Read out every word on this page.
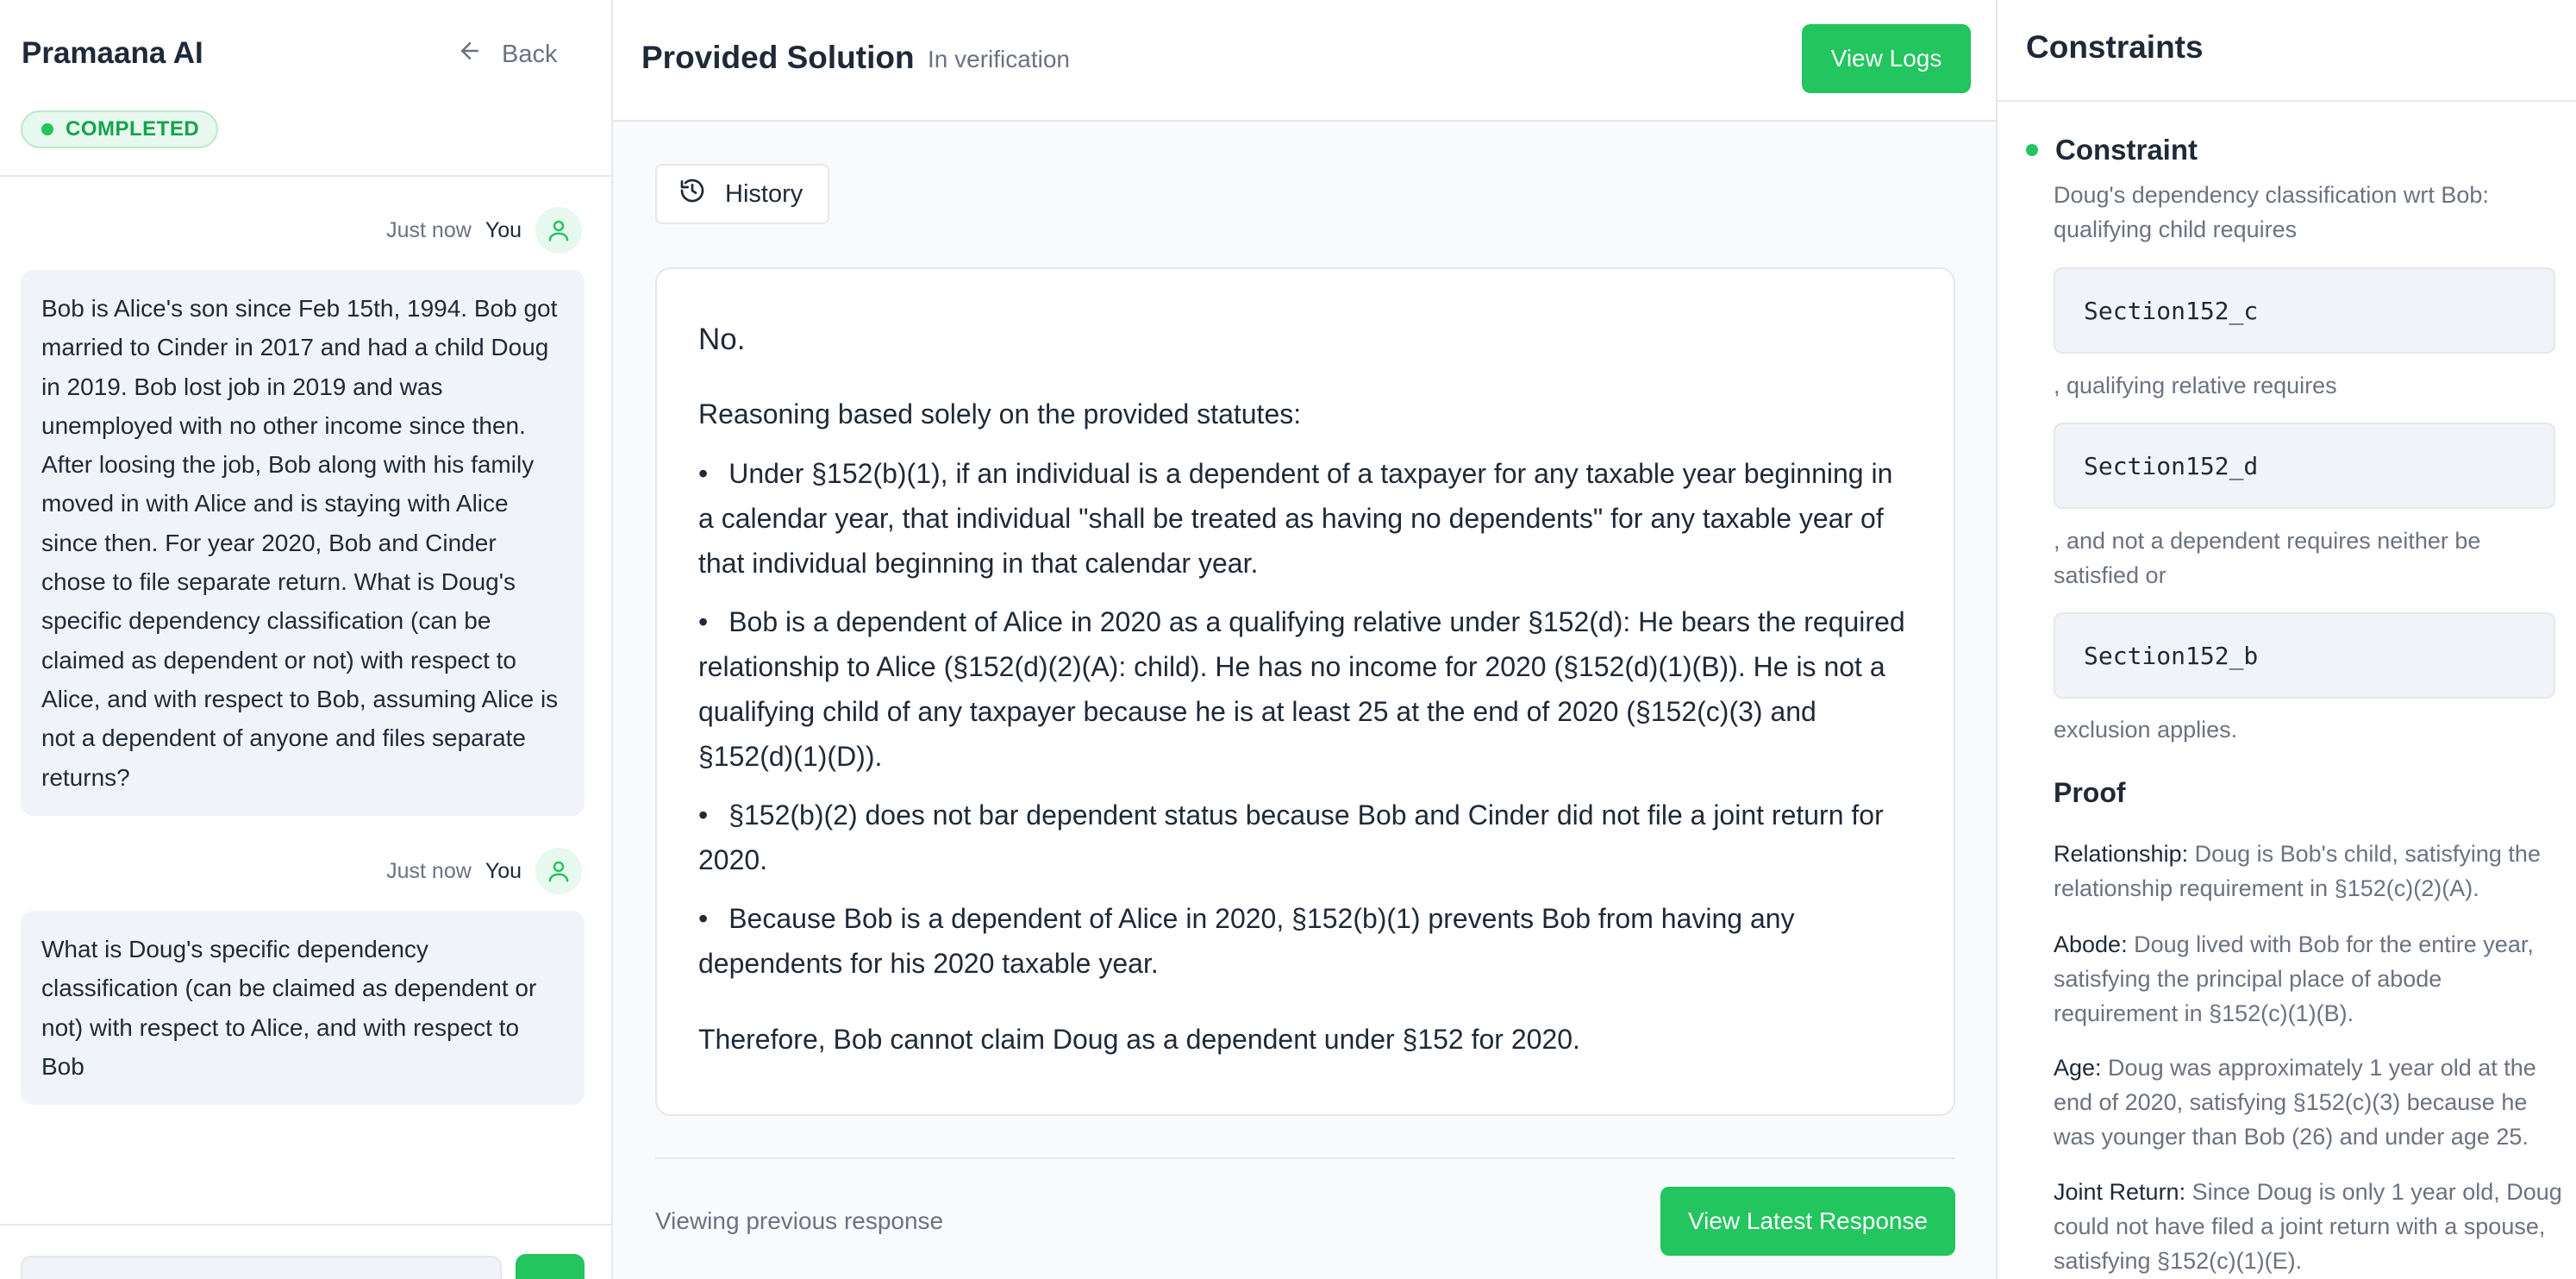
Pramaana AI	Back
COMPLETED
Just now You
Bob is Alice's son since Feb 15th, 1994. Bob got married to Cinder in 2017 and had a child Doug in 2019. Bob lost job in 2019 and was unemployed with no other income since then. After loosing the job, Bob along with his family moved in with Alice and is staying with Alice since then. For year 2020, Bob and Cinder chose to file separate return. What is Doug's specific dependency classification (can be claimed as dependent or not) with respect to Alice, and with respect to Bob, assuming Alice is not a dependent of anyone and files separate returns?
Just now You
What is Doug's specific dependency classification (can be claimed as dependent or not) with respect to Alice, and with respect to Bob
Provided Solution In verification	View Logs
History
No.
Reasoning based solely on the provided statutes:
• Under §152(b)(1), if an individual is a dependent of a taxpayer for any taxable year beginning in a calendar year, that individual "shall be treated as having no dependents" for any taxable year of that individual beginning in that calendar year.
• Bob is a dependent of Alice in 2020 as a qualifying relative under §152(d): He bears the required relationship to Alice (§152(d)(2)(A): child). He has no income for 2020 (§152(d)(1)(B)). He is not a qualifying child of any taxpayer because he is at least 25 at the end of 2020 (§152(c)(3) and §152(d)(1)(D)).
• §152(b)(2) does not bar dependent status because Bob and Cinder did not file a joint return for 2020.
• Because Bob is a dependent of Alice in 2020, §152(b)(1) prevents Bob from having any dependents for his 2020 taxable year.
Therefore, Bob cannot claim Doug as a dependent under §152 for 2020.
Viewing previous response	View Latest Response
Constraints
Constraint
Doug's dependency classification wrt Bob: qualifying child requires
Section152_c
, qualifying relative requires
Section152_d
, and not a dependent requires neither be satisfied or
Section152_b
exclusion applies.
Proof
Relationship: Doug is Bob's child, satisfying the relationship requirement in §152(c)(2)(A).
Abode: Doug lived with Bob for the entire year, satisfying the principal place of abode requirement in §152(c)(1)(B).
Age: Doug was approximately 1 year old at the end of 2020, satisfying §152(c)(3) because he was younger than Bob (26) and under age 25.
Joint Return: Since Doug is only 1 year old, Doug could not have filed a joint return with a spouse, satisfying §152(c)(1)(E).
